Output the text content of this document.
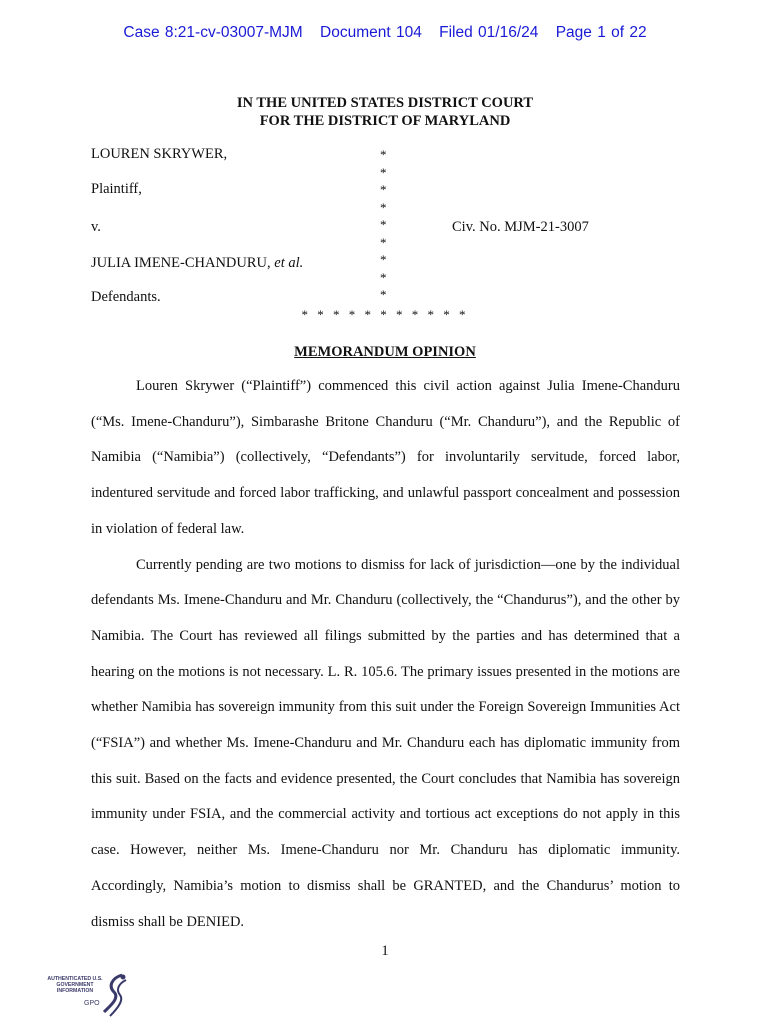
Case 8:21-cv-03007-MJM Document 104 Filed 01/16/24 Page 1 of 22
IN THE UNITED STATES DISTRICT COURT
FOR THE DISTRICT OF MARYLAND
LOUREN SKRYWER,
Plaintiff,
v.
JULIA IMENE-CHANDURU, et al.
Defendants.
*
*
*
*
*
*
*
*
*
Civ. No. MJM-21-3007
* * * * * * * * * * *
MEMORANDUM OPINION

Louren Skrywer (“Plaintiff”) commenced this civil action against Julia Imene-Chanduru (“Ms. Imene-Chanduru”), Simbarashe Britone Chanduru (“Mr. Chanduru”), and the Republic of Namibia (“Namibia”) (collectively, “Defendants”) for involuntarily servitude, forced labor, indentured servitude and forced labor trafficking, and unlawful passport concealment and possession in violation of federal law.

Currently pending are two motions to dismiss for lack of jurisdiction—one by the individual defendants Ms. Imene-Chanduru and Mr. Chanduru (collectively, the “Chandurus”), and the other by Namibia. The Court has reviewed all filings submitted by the parties and has determined that a hearing on the motions is not necessary. L. R. 105.6. The primary issues presented in the motions are whether Namibia has sovereign immunity from this suit under the Foreign Sovereign Immunities Act (“FSIA”) and whether Ms. Imene-Chanduru and Mr. Chanduru each has diplomatic immunity from this suit. Based on the facts and evidence presented, the Court concludes that Namibia has sovereign immunity under FSIA, and the commercial activity and tortious act exceptions do not apply in this case. However, neither Ms. Imene-Chanduru nor Mr. Chanduru has diplomatic immunity. Accordingly, Namibia’s motion to dismiss shall be GRANTED, and the Chandurus’ motion to dismiss shall be DENIED.

1
AUTHENTICATED U.S. GOVERNMENT INFORMATION
GPO
